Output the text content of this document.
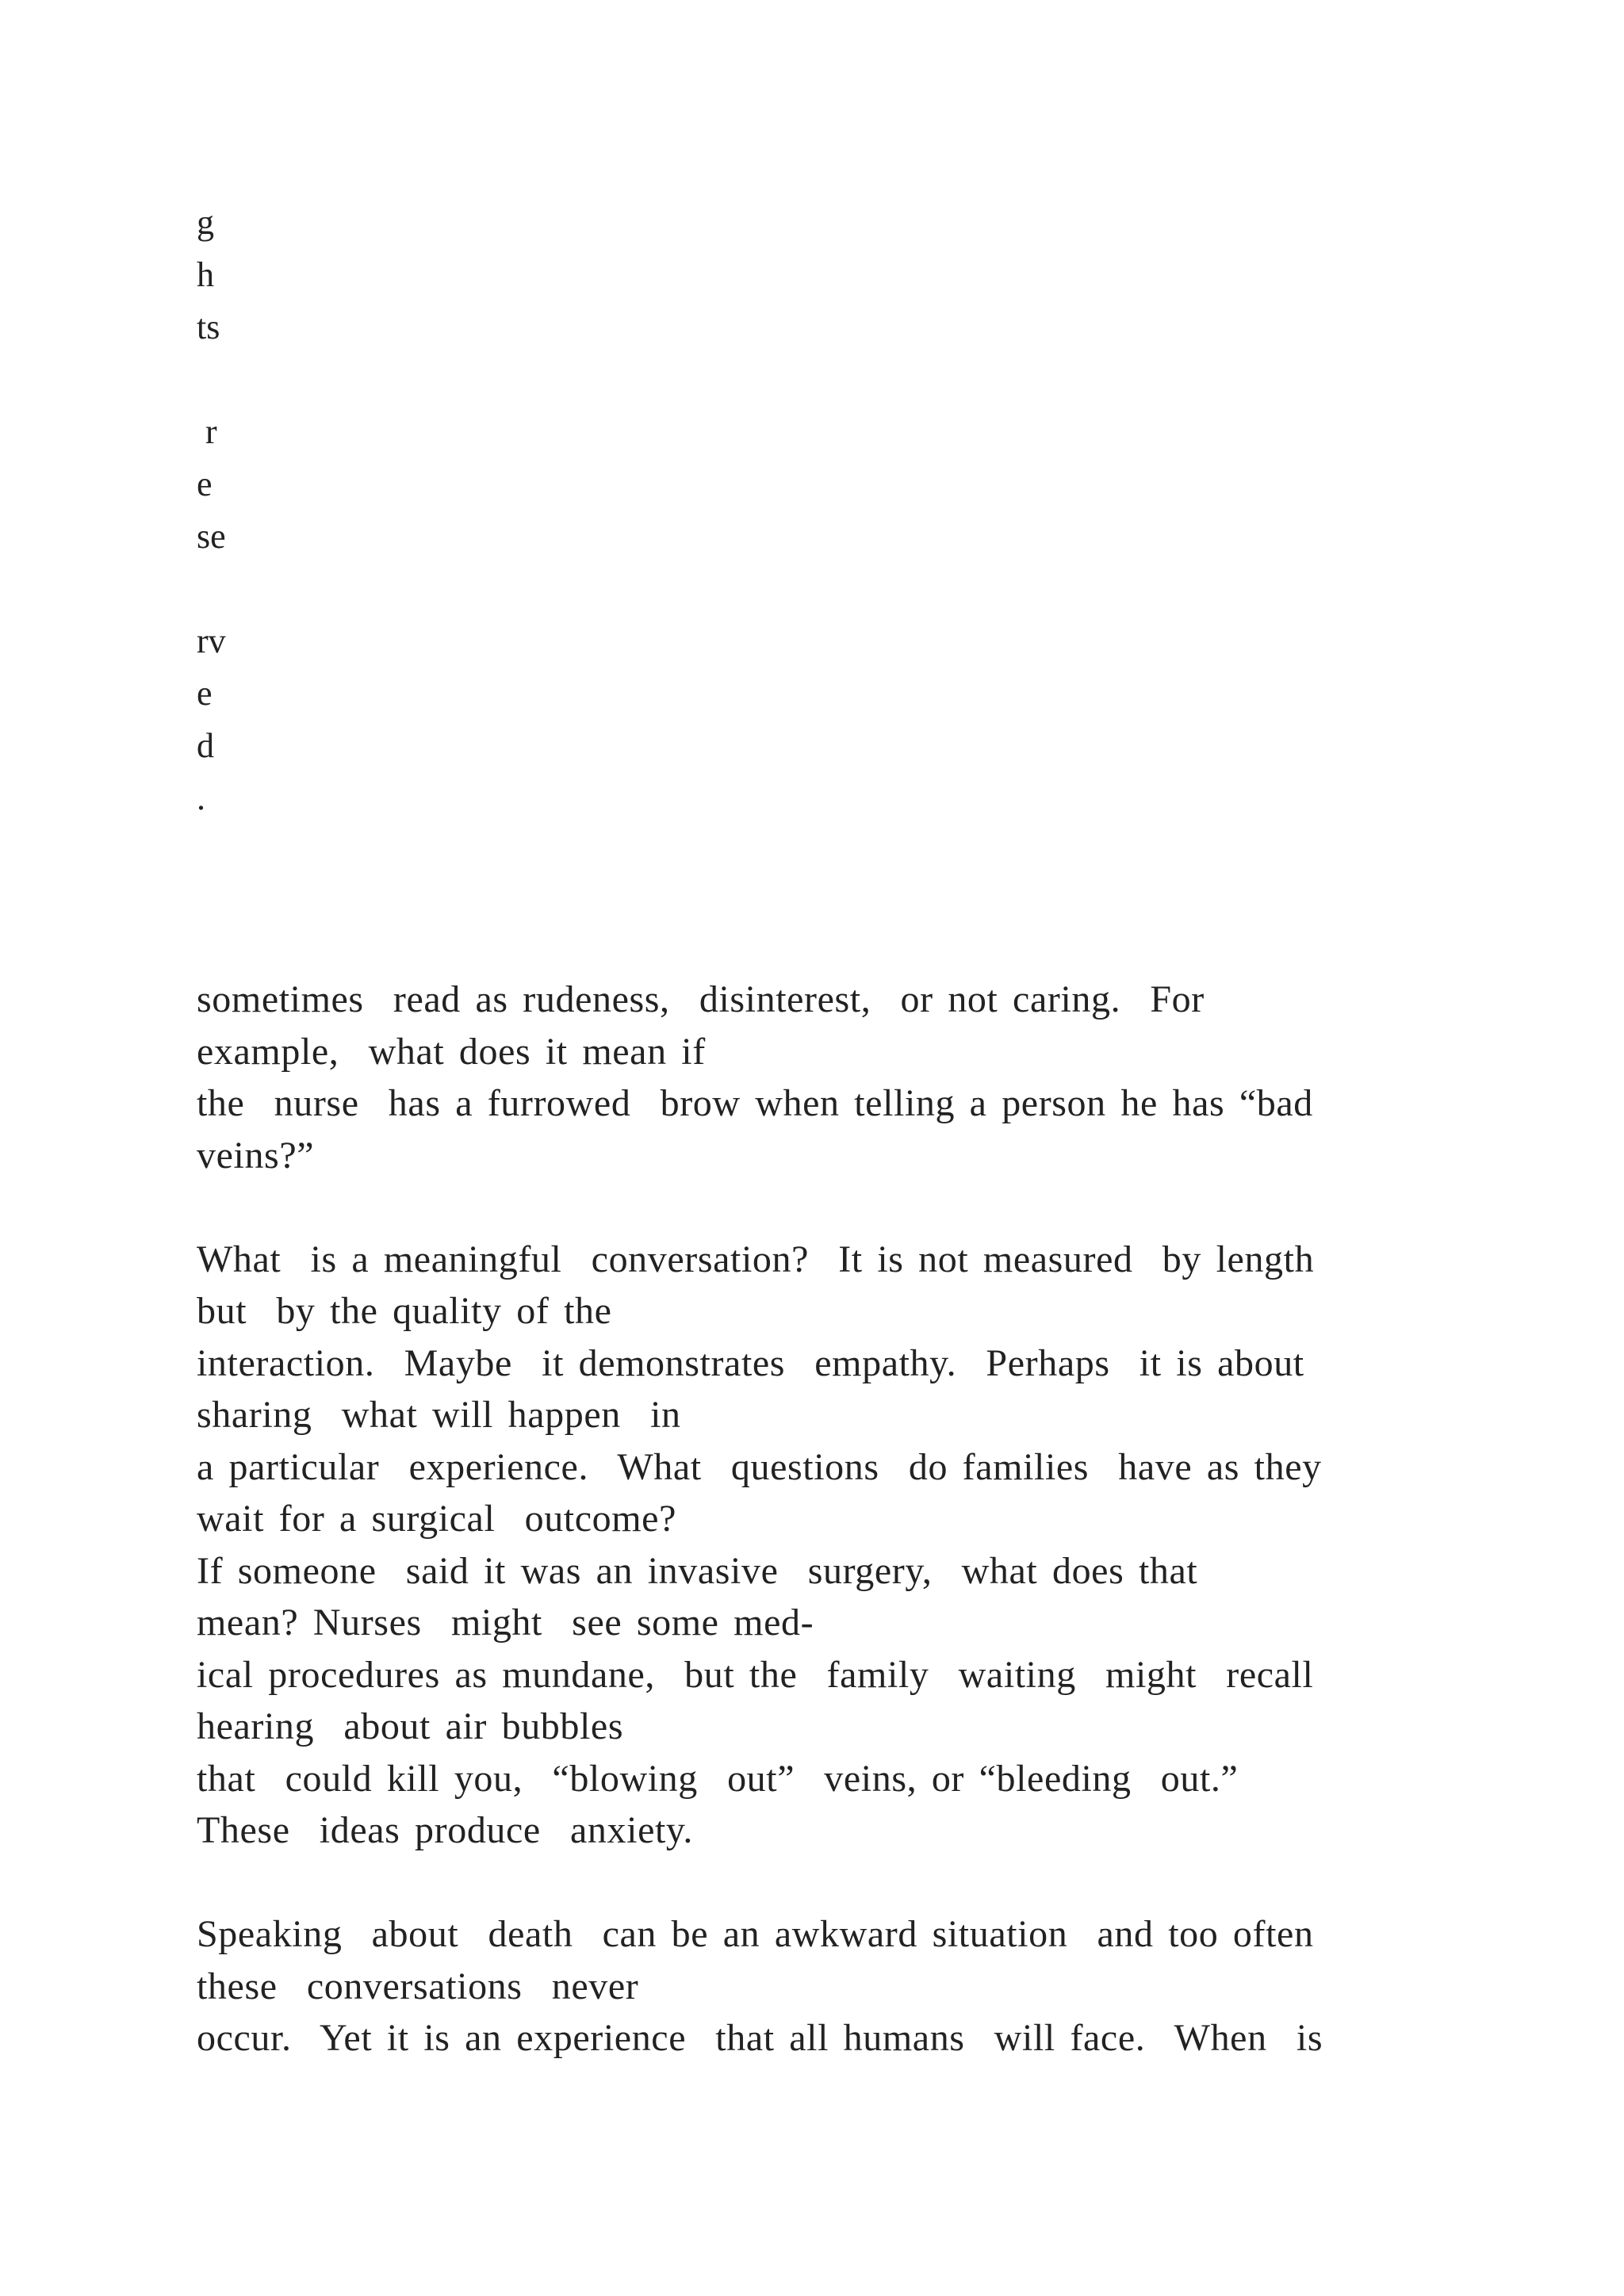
g
h
ts
r
e
se
rv
e
d
.
sometimes  read as rudeness,  disinterest,  or not caring.  For
example,  what does it mean if
the  nurse  has a furrowed  brow when telling a person he has “bad
veins?”
What  is a meaningful  conversation?  It is not measured  by length
but  by the quality of the
interaction.  Maybe  it demonstrates  empathy.  Perhaps  it is about
sharing  what will happen  in
a particular  experience.  What  questions  do families  have as they
wait for a surgical  outcome?
If someone  said it was an invasive  surgery,  what does that
mean? Nurses  might  see some med-
ical procedures as mundane,  but the  family  waiting  might  recall
hearing  about air bubbles
that  could kill you,  “blowing  out”  veins, or “bleeding  out.”
These  ideas produce  anxiety.
Speaking  about  death  can be an awkward situation  and too often
these  conversations  never
occur.  Yet it is an experience  that all humans  will face.  When  is
